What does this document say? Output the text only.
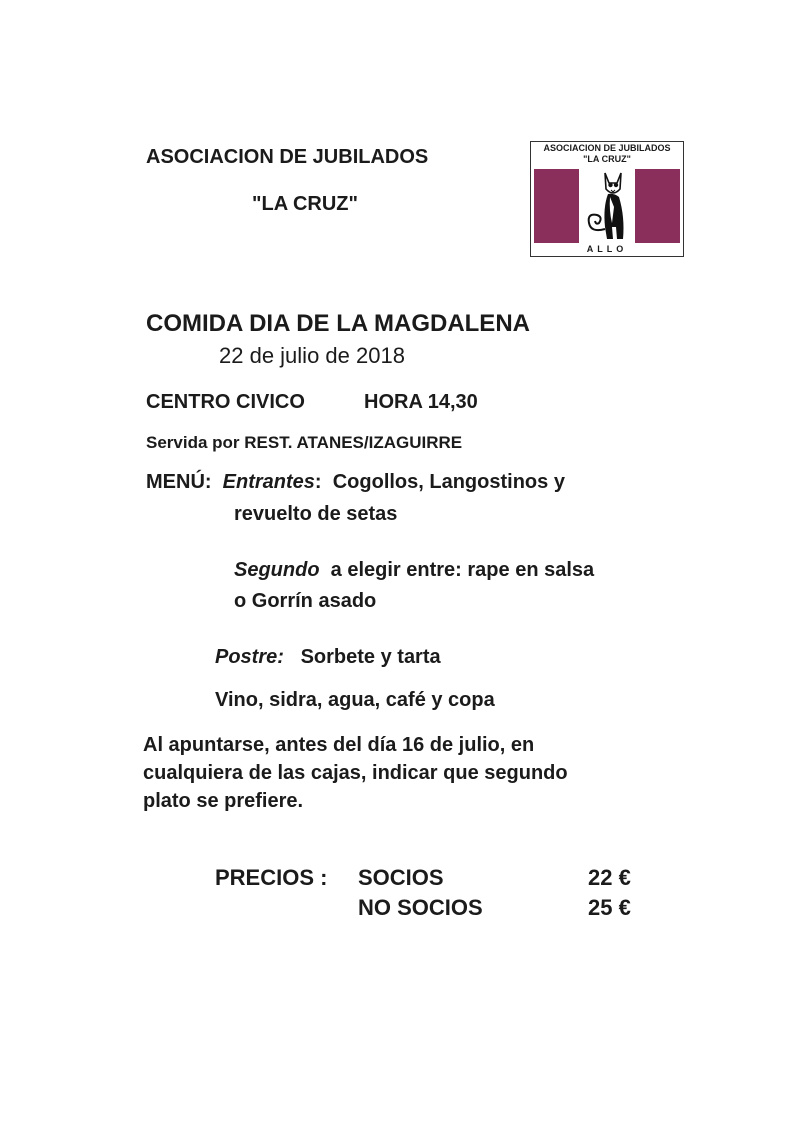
ASOCIACION DE JUBILADOS
"LA CRUZ"
ASOCIACION DE JUBILADOS
"LA CRUZ"
ALLO
COMIDA DIA DE LA MAGDALENA
22 de julio de 2018
CENTRO CIVICO	HORA 14,30
Servida por REST. ATANES/IZAGUIRRE
MENÚ: Entrantes: Cogollos, Langostinos y
revuelto de setas
Segundo a elegir entre: rape en salsa
o Gorrín asado
Postre: Sorbete y tarta
Vino, sidra, agua, café y copa
Al apuntarse, antes del día 16 de julio, en
cualquiera de las cajas, indicar que segundo
plato se prefiere.
PRECIOS : SOCIOS	22 €
NO SOCIOS	25 €
